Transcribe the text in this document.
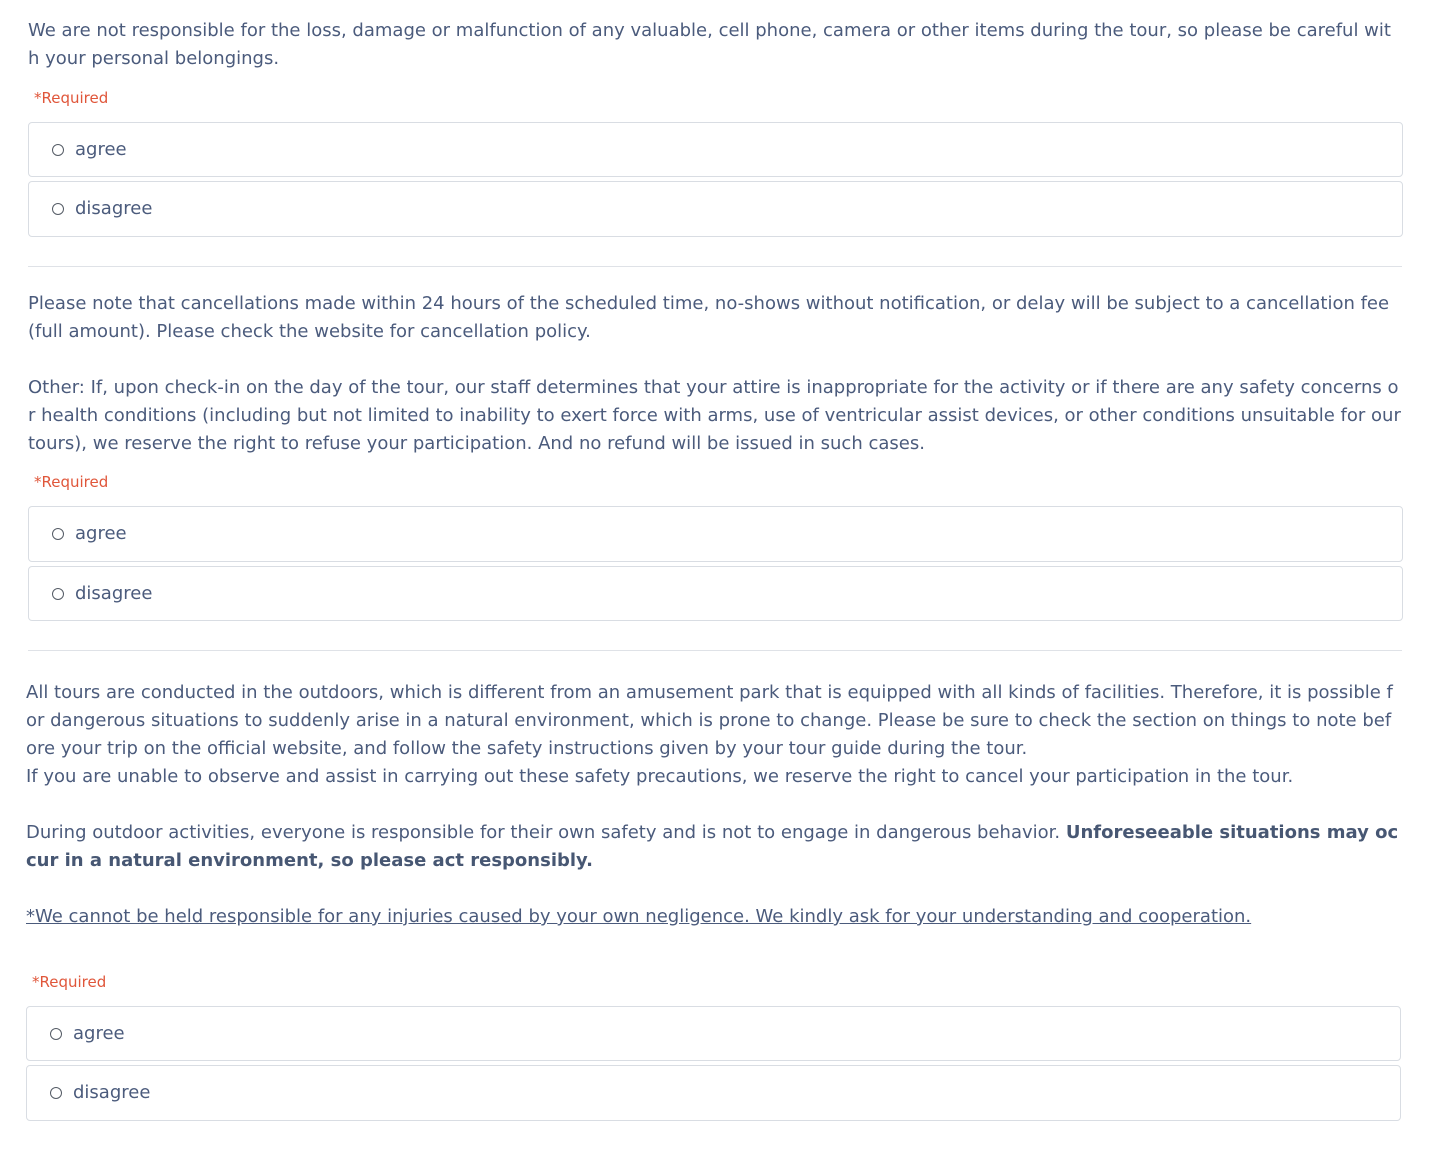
We are not responsible for the loss, damage or malfunction of any valuable, cell phone, camera or other items during the tour, so please be careful with your personal belongings.

*Required
agree
disagree

Please note that cancellations made within 24 hours of the scheduled time, no-shows without notification, or delay will be subject to a cancellation fee (full amount). Please check the website for cancellation policy.

Other: If, upon check-in on the day of the tour, our staff determines that your attire is inappropriate for the activity or if there are any safety concerns or health conditions (including but not limited to inability to exert force with arms, use of ventricular assist devices, or other conditions unsuitable for our tours), we reserve the right to refuse your participation. And no refund will be issued in such cases.

*Required
agree
disagree

All tours are conducted in the outdoors, which is different from an amusement park that is equipped with all kinds of facilities. Therefore, it is possible for dangerous situations to suddenly arise in a natural environment, which is prone to change. Please be sure to check the section on things to note before your trip on the official website, and follow the safety instructions given by your tour guide during the tour.

If you are unable to observe and assist in carrying out these safety precautions, we reserve the right to cancel your participation in the tour.

During outdoor activities, everyone is responsible for their own safety and is not to engage in dangerous behavior. Unforeseeable situations may occur in a natural environment, so please act responsibly.

*We cannot be held responsible for any injuries caused by your own negligence. We kindly ask for your understanding and cooperation.

*Required
agree
disagree
